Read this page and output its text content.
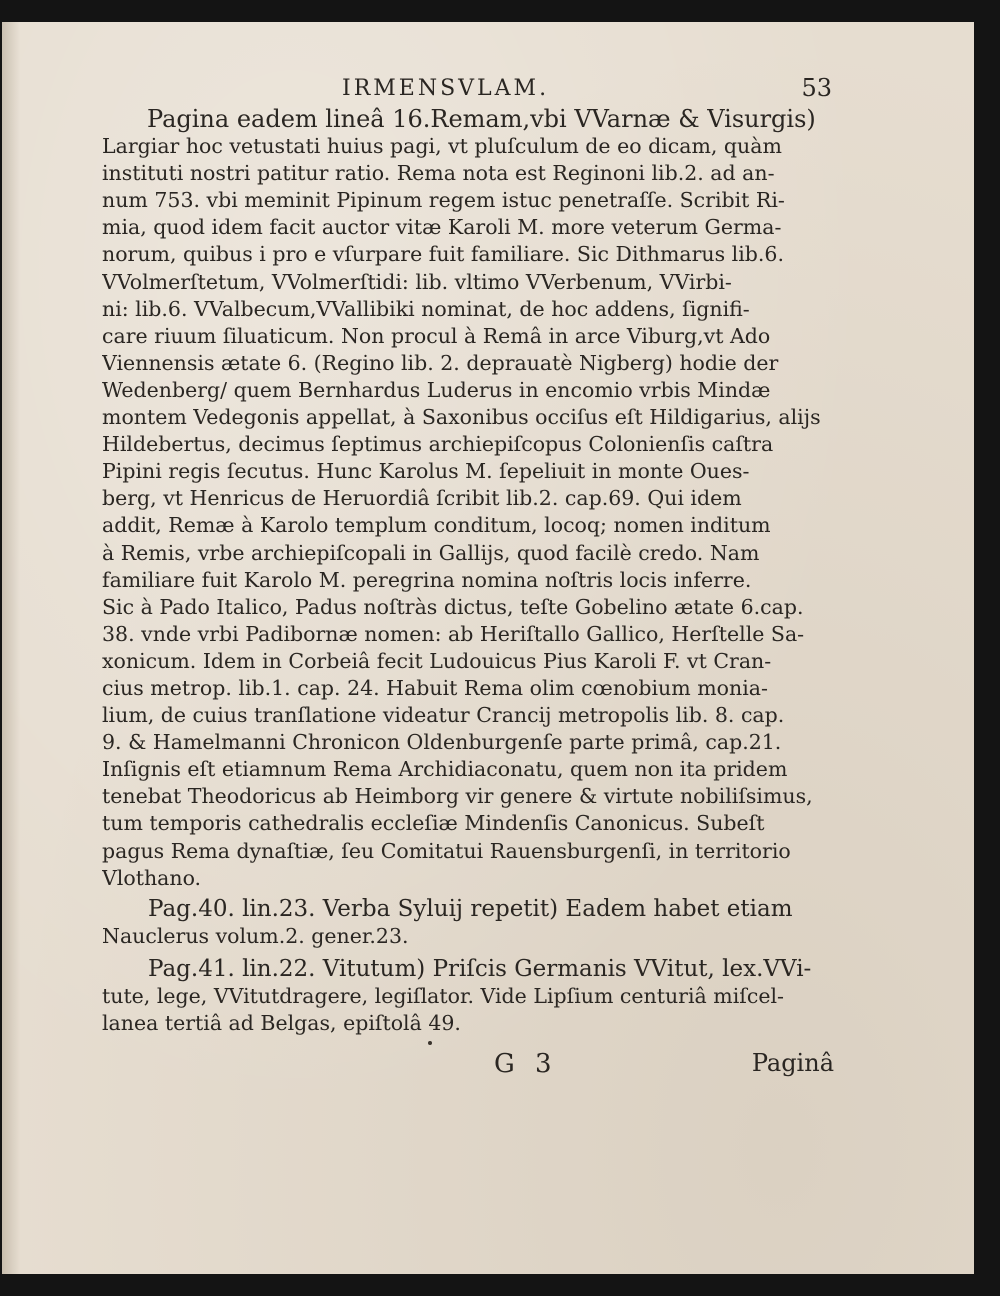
IRMENSVLAM.	53
Pagina eadem lineâ 16.Remam,vbi VVarnæ & Visurgis)
Largiar hoc vetustati huius pagi, vt pluſculum de eo dicam, quàm
instituti nostri patitur ratio. Rema nota est Reginoni lib.2. ad an-
num 753. vbi meminit Pipinum regem istuc penetraſſe. Scribit Ri-
mia, quod idem facit auctor vitæ Karoli M. more veterum Germa-
norum, quibus i pro e vſurpare fuit familiare. Sic Dithmarus lib.6.
VVolmerſtetum, VVolmerſtidi: lib. vltimo VVerbenum, VVirbi-
ni: lib.6. VValbecum,VVallibiki nominat, de hoc addens, ſignifi-
care riuum ſiluaticum. Non procul à Remâ in arce Viburg,vt Ado
Viennensis ætate 6. (Regino lib. 2. deprauatè Nigberg) hodie der
Wedenberg/ quem Bernhardus Luderus in encomio vrbis Mindæ
montem Vedegonis appellat, à Saxonibus occiſus eſt Hildigarius, alijs
Hildebertus, decimus ſeptimus archiepiſcopus Colonienſis caſtra
Pipini regis ſecutus. Hunc Karolus M. ſepeliuit in monte Oues-
berg, vt Henricus de Heruordiâ ſcribit lib.2. cap.69. Qui idem
addit, Remæ à Karolo templum conditum, locoq; nomen inditum
à Remis, vrbe archiepiſcopali in Gallijs, quod facilè credo. Nam
familiare fuit Karolo M. peregrina nomina noſtris locis inferre.
Sic à Pado Italico, Padus noſtràs dictus, teſte Gobelino ætate 6.cap.
38. vnde vrbi Padibornæ nomen: ab Heriſtallo Gallico, Herſtelle Sa-
xonicum. Idem in Corbeiâ fecit Ludouicus Pius Karoli F. vt Cran-
cius metrop. lib.1. cap. 24. Habuit Rema olim cœnobium monia-
lium, de cuius tranſlatione videatur Crancij metropolis lib. 8. cap.
9. & Hamelmanni Chronicon Oldenburgenſe parte primâ, cap.21.
Inſignis eſt etiamnum Rema Archidiaconatu, quem non ita pridem
tenebat Theodoricus ab Heimborg vir genere & virtute nobiliſsimus,
tum temporis cathedralis eccleſiæ Mindenſis Canonicus. Subeſt
pagus Rema dynaſtiæ, ſeu Comitatui Rauensburgenſi, in territorio
Vlothano.
Pag.40. lin.23. Verba Syluij repetit) Eadem habet etiam
Nauclerus volum.2. gener.23.
Pag.41. lin.22. Vitutum) Priſcis Germanis VVitut, lex.VVi-
tute, lege, VVitutdragere, legiſlator. Vide Lipſium centuriâ miſcel-
lanea tertiâ ad Belgas, epiſtolâ 49.
G 3	Paginâ
